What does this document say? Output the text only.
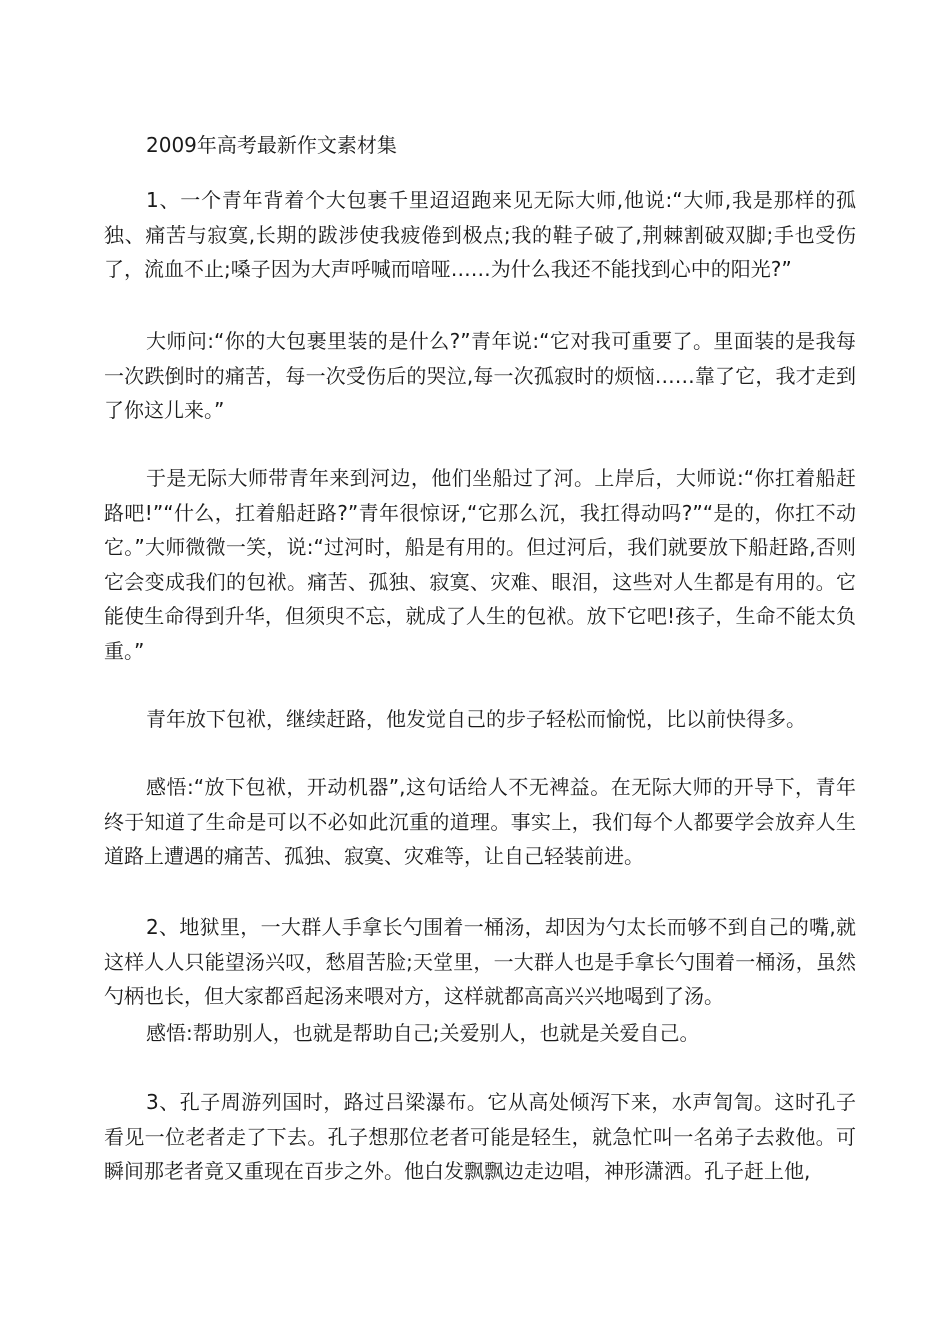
2009年高考最新作文素材集

1、一个青年背着个大包裹千里迢迢跑来见无际大师,他说:“大师,我是那样的孤独、痛苦与寂寞,长期的跋涉使我疲倦到极点;我的鞋子破了,荆棘割破双脚;手也受伤了，流血不止;嗓子因为大声呼喊而喑哑……为什么我还不能找到心中的阳光?”

大师问:“你的大包裹里装的是什么?”青年说:“它对我可重要了。里面装的是我每一次跌倒时的痛苦，每一次受伤后的哭泣,每一次孤寂时的烦恼……靠了它，我才走到了你这儿来。”

于是无际大师带青年来到河边，他们坐船过了河。上岸后，大师说:“你扛着船赶路吧!”“什么，扛着船赶路?”青年很惊讶,“它那么沉，我扛得动吗?”“是的，你扛不动它。”大师微微一笑，说:“过河时，船是有用的。但过河后，我们就要放下船赶路,否则它会变成我们的包袱。痛苦、孤独、寂寞、灾难、眼泪，这些对人生都是有用的。它能使生命得到升华，但须臾不忘，就成了人生的包袱。放下它吧!孩子，生命不能太负重。”

青年放下包袱，继续赶路，他发觉自己的步子轻松而愉悦，比以前快得多。

感悟:“放下包袱，开动机器”,这句话给人不无裨益。在无际大师的开导下，青年终于知道了生命是可以不必如此沉重的道理。事实上，我们每个人都要学会放弃人生道路上遭遇的痛苦、孤独、寂寞、灾难等，让自己轻装前进。

2、地狱里，一大群人手拿长勺围着一桶汤，却因为勺太长而够不到自己的嘴,就这样人人只能望汤兴叹，愁眉苦脸;天堂里，一大群人也是手拿长勺围着一桶汤，虽然勺柄也长，但大家都舀起汤来喂对方，这样就都高高兴兴地喝到了汤。

感悟:帮助别人，也就是帮助自己;关爱别人，也就是关爱自己。

3、孔子周游列国时，路过吕梁瀑布。它从高处倾泻下来，水声訇訇。这时孔子看见一位老者走了下去。孔子想那位老者可能是轻生，就急忙叫一名弟子去救他。可瞬间那老者竟又重现在百步之外。他白发飘飘边走边唱，神形潇洒。孔子赶上他,
